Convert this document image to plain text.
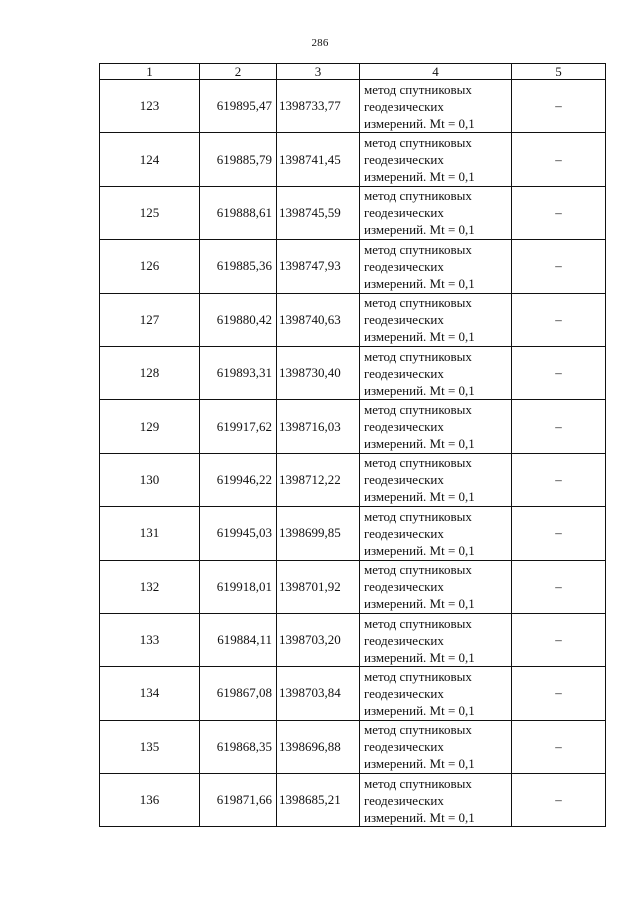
286
1	2	3	4	5
123	619895,47	1398733,77	метод спутниковых
геодезических
измерений. Mt = 0,1	–
124	619885,79	1398741,45	метод спутниковых
геодезических
измерений. Mt = 0,1	–
125	619888,61	1398745,59	метод спутниковых
геодезических
измерений. Mt = 0,1	–
126	619885,36	1398747,93	метод спутниковых
геодезических
измерений. Mt = 0,1	–
127	619880,42	1398740,63	метод спутниковых
геодезических
измерений. Mt = 0,1	–
128	619893,31	1398730,40	метод спутниковых
геодезических
измерений. Mt = 0,1	–
129	619917,62	1398716,03	метод спутниковых
геодезических
измерений. Mt = 0,1	–
130	619946,22	1398712,22	метод спутниковых
геодезических
измерений. Mt = 0,1	–
131	619945,03	1398699,85	метод спутниковых
геодезических
измерений. Mt = 0,1	–
132	619918,01	1398701,92	метод спутниковых
геодезических
измерений. Mt = 0,1	–
133	619884,11	1398703,20	метод спутниковых
геодезических
измерений. Mt = 0,1	–
134	619867,08	1398703,84	метод спутниковых
геодезических
измерений. Mt = 0,1	–
135	619868,35	1398696,88	метод спутниковых
геодезических
измерений. Mt = 0,1	–
136	619871,66	1398685,21	метод спутниковых
геодезических
измерений. Mt = 0,1	–
